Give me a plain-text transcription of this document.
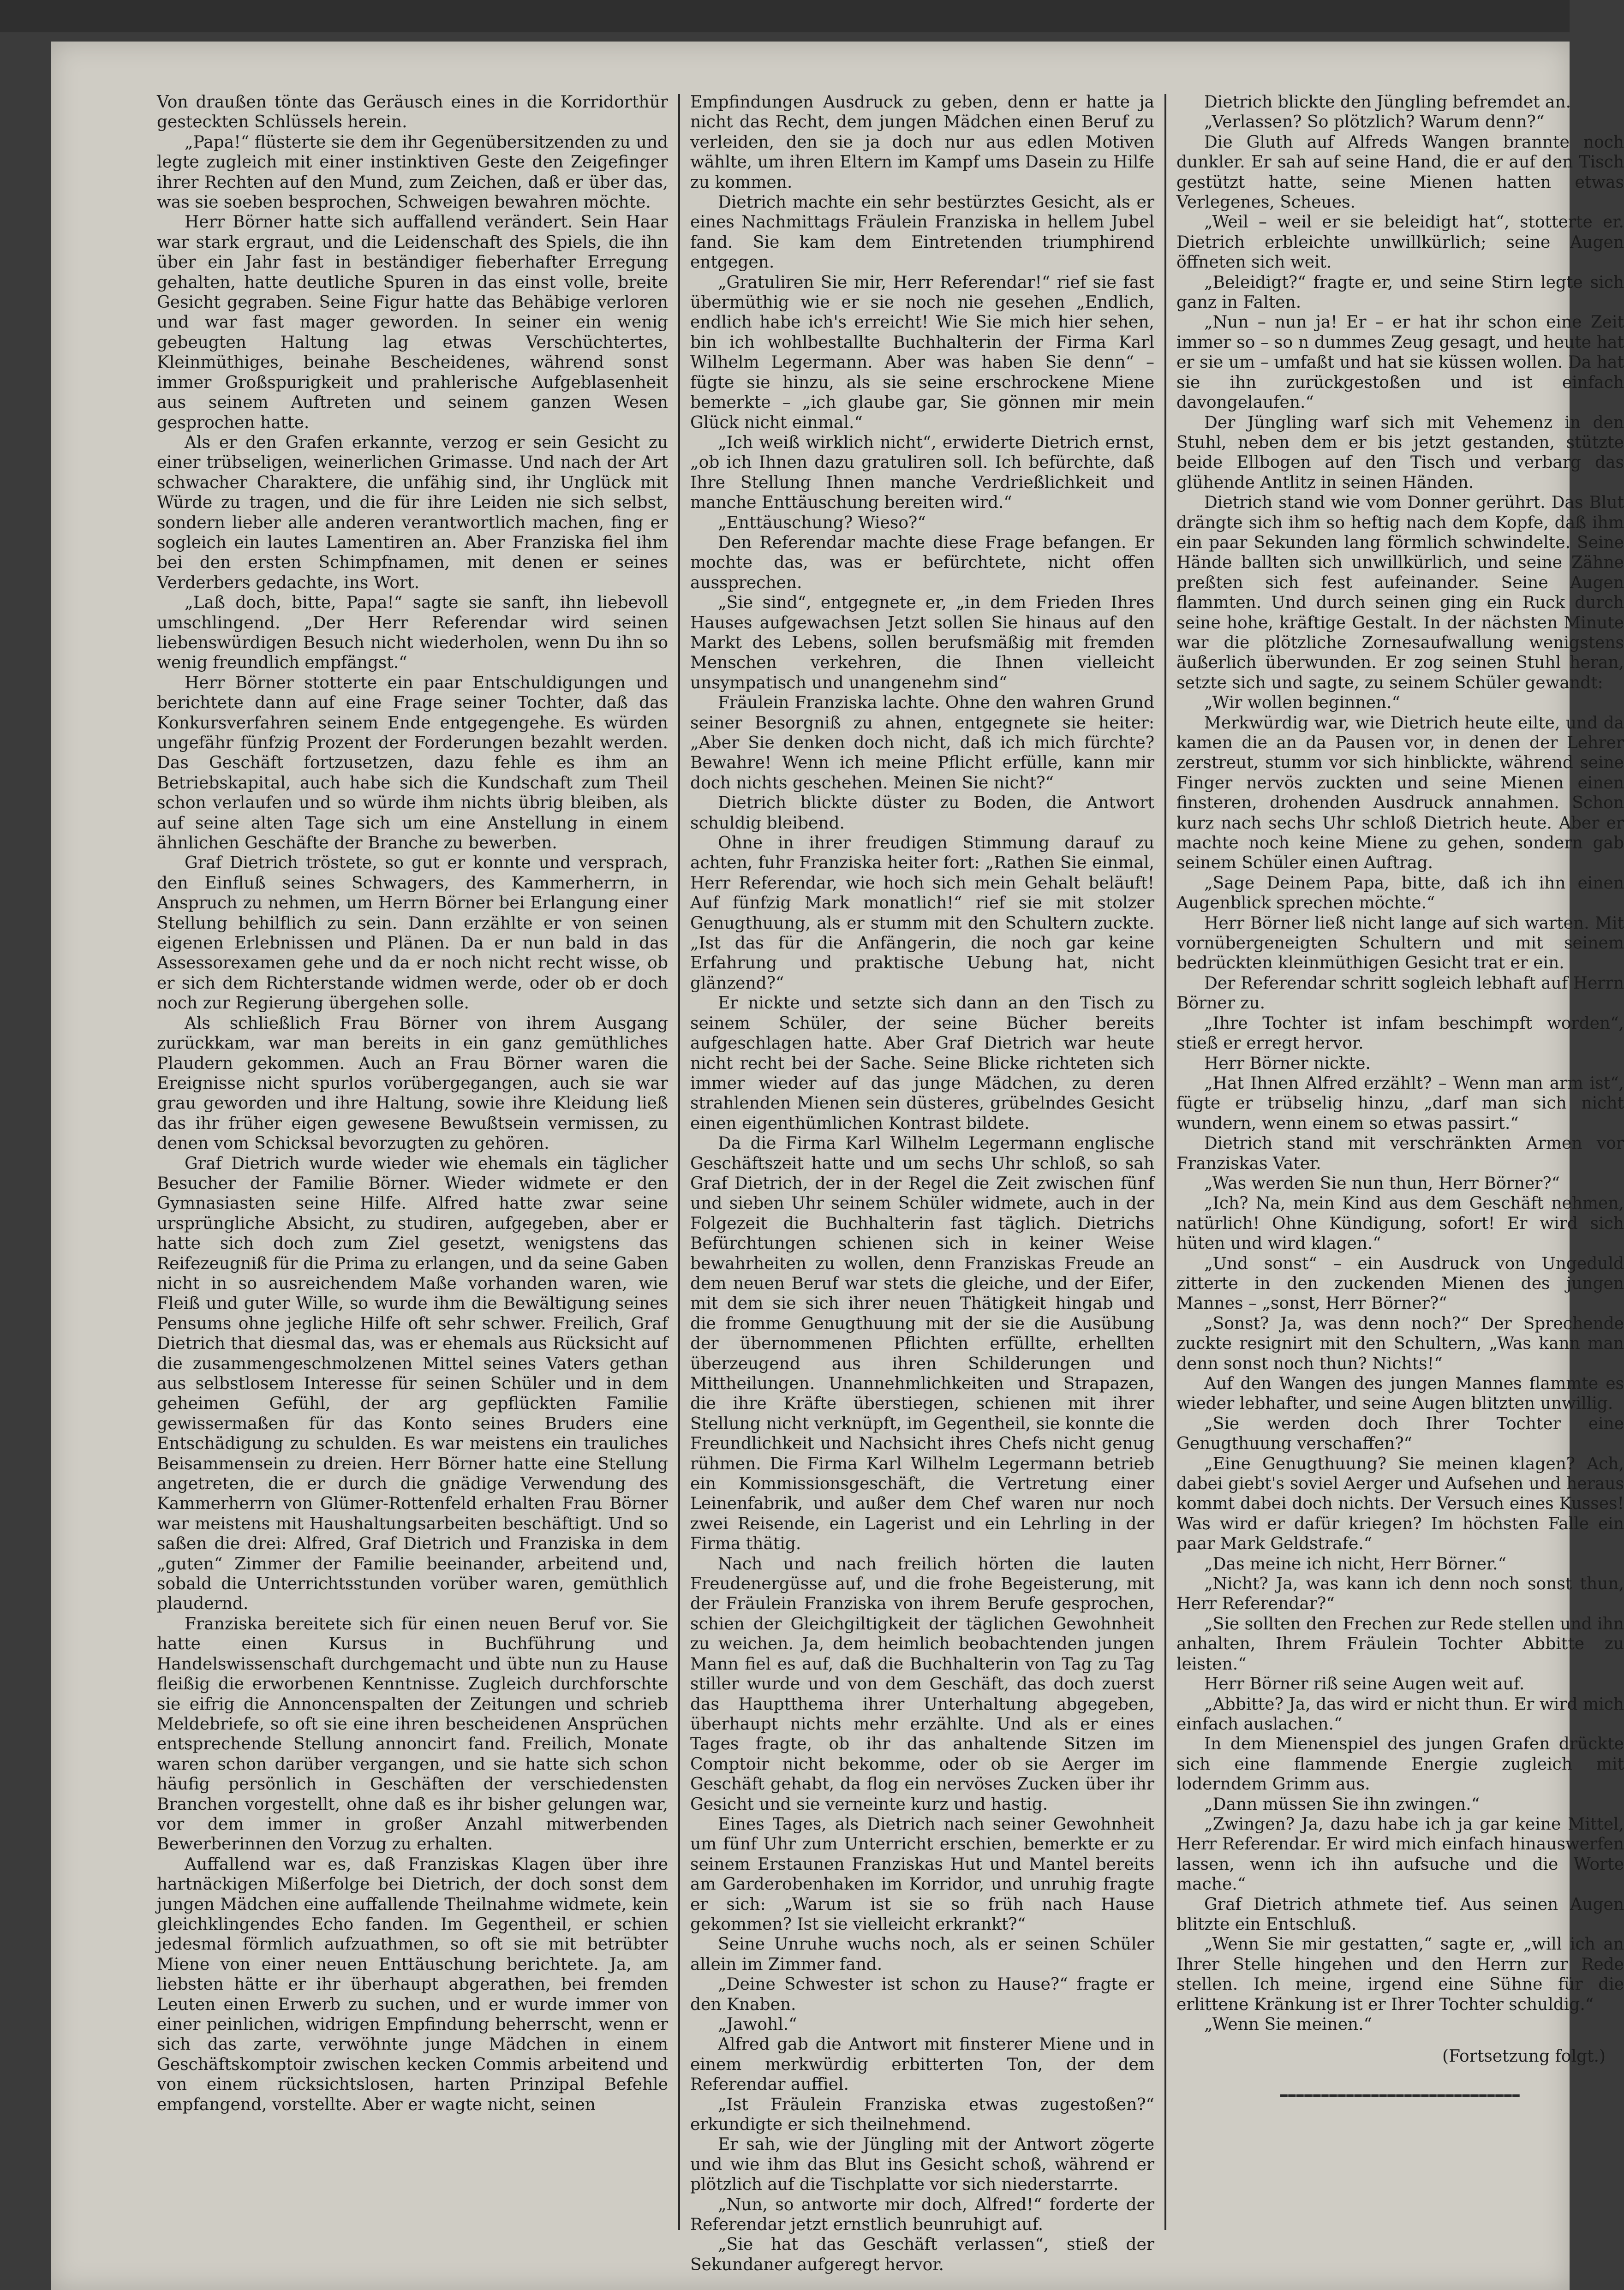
Von draußen tönte das Geräusch eines in die Korridorthür gesteckten Schlüssels herein.

„Papa!“ flüsterte sie dem ihr Gegenübersitzenden zu und legte zugleich mit einer instinktiven Geste den Zeigefinger ihrer Rechten auf den Mund, zum Zeichen, daß er über das, was sie soeben besprochen, Schweigen bewahren möchte.

Herr Börner hatte sich auffallend verändert. Sein Haar war stark ergraut, und die Leidenschaft des Spiels, die ihn über ein Jahr fast in beständiger fieberhafter Erregung gehalten, hatte deutliche Spuren in das einst volle, breite Gesicht gegraben. Seine Figur hatte das Behäbige verloren und war fast mager geworden. In seiner ein wenig gebeugten Haltung lag etwas Verschüchtertes, Kleinmüthiges, beinahe Bescheidenes, während sonst immer Großspurigkeit und prahlerische Aufgeblasenheit aus seinem Auftreten und seinem ganzen Wesen gesprochen hatte.

Als er den Grafen erkannte, verzog er sein Gesicht zu einer trübseligen, weinerlichen Grimasse. Und nach der Art schwacher Charaktere, die unfähig sind, ihr Unglück mit Würde zu tragen, und die für ihre Leiden nie sich selbst, sondern lieber alle anderen verantwortlich machen, fing er sogleich ein lautes Lamentiren an. Aber Franziska fiel ihm bei den ersten Schimpfnamen, mit denen er seines Verderbers gedachte, ins Wort.

„Laß doch, bitte, Papa!“ sagte sie sanft, ihn liebevoll umschlingend. „Der Herr Referendar wird seinen liebenswürdigen Besuch nicht wiederholen, wenn Du ihn so wenig freundlich empfängst.“

Herr Börner stotterte ein paar Entschuldigungen und berichtete dann auf eine Frage seiner Tochter, daß das Konkursverfahren seinem Ende entgegengehe. Es würden ungefähr fünfzig Prozent der Forderungen bezahlt werden. Das Geschäft fortzusetzen, dazu fehle es ihm an Betriebskapital, auch habe sich die Kundschaft zum Theil schon verlaufen und so würde ihm nichts übrig bleiben, als auf seine alten Tage sich um eine Anstellung in einem ähnlichen Geschäfte der Branche zu bewerben.

Graf Dietrich tröstete, so gut er konnte und versprach, den Einfluß seines Schwagers, des Kammerherrn, in Anspruch zu nehmen, um Herrn Börner bei Erlangung einer Stellung behilflich zu sein. Dann erzählte er von seinen eigenen Erlebnissen und Plänen. Da er nun bald in das Assessorexamen gehe und da er noch nicht recht wisse, ob er sich dem Richterstande widmen werde, oder ob er doch noch zur Regierung übergehen solle.

Als schließlich Frau Börner von ihrem Ausgang zurückkam, war man bereits in ein ganz gemüthliches Plaudern gekommen. Auch an Frau Börner waren die Ereignisse nicht spurlos vorübergegangen, auch sie war grau geworden und ihre Haltung, sowie ihre Kleidung ließ das ihr früher eigen gewesene Bewußtsein vermissen, zu denen vom Schicksal bevorzugten zu gehören.

Graf Dietrich wurde wieder wie ehemals ein täglicher Besucher der Familie Börner. Wieder widmete er den Gymnasiasten seine Hilfe. Alfred hatte zwar seine ursprüngliche Absicht, zu studiren, aufgegeben, aber er hatte sich doch zum Ziel gesetzt, wenigstens das Reifezeugniß für die Prima zu erlangen, und da seine Gaben nicht in so ausreichendem Maße vorhanden waren, wie Fleiß und guter Wille, so wurde ihm die Bewältigung seines Pensums ohne jegliche Hilfe oft sehr schwer. Freilich, Graf Dietrich that diesmal das, was er ehemals aus Rücksicht auf die zusammengeschmolzenen Mittel seines Vaters gethan aus selbstlosem Interesse für seinen Schüler und in dem geheimen Gefühl, der arg gepflückten Familie gewissermaßen für das Konto seines Bruders eine Entschädigung zu schulden. Es war meistens ein trauliches Beisammensein zu dreien. Herr Börner hatte eine Stellung angetreten, die er durch die gnädige Verwendung des Kammerherrn von Glümer-Rottenfeld erhalten Frau Börner war meistens mit Haushaltungsarbeiten beschäftigt. Und so saßen die drei: Alfred, Graf Dietrich und Franziska in dem „guten“ Zimmer der Familie beeinander, arbeitend und, sobald die Unterrichtsstunden vorüber waren, gemüthlich plaudernd.

Franziska bereitete sich für einen neuen Beruf vor. Sie hatte einen Kursus in Buchführung und Handelswissenschaft durchgemacht und übte nun zu Hause fleißig die erworbenen Kenntnisse. Zugleich durchforschte sie eifrig die Annoncenspalten der Zeitungen und schrieb Meldebriefe, so oft sie eine ihren bescheidenen Ansprüchen entsprechende Stellung annoncirt fand. Freilich, Monate waren schon darüber vergangen, und sie hatte sich schon häufig persönlich in Geschäften der verschiedensten Branchen vorgestellt, ohne daß es ihr bisher gelungen war, vor dem immer in großer Anzahl mitwerbenden Bewerberinnen den Vorzug zu erhalten.

Auffallend war es, daß Franziskas Klagen über ihre hartnäckigen Mißerfolge bei Dietrich, der doch sonst dem jungen Mädchen eine auffallende Theilnahme widmete, kein gleichklingendes Echo fanden. Im Gegentheil, er schien jedesmal förmlich aufzuathmen, so oft sie mit betrübter Miene von einer neuen Enttäuschung berichtete. Ja, am liebsten hätte er ihr überhaupt abgerathen, bei fremden Leuten einen Erwerb zu suchen, und er wurde immer von einer peinlichen, widrigen Empfindung beherrscht, wenn er sich das zarte, verwöhnte junge Mädchen in einem Geschäftskomptoir zwischen kecken Commis arbeitend und von einem rücksichtslosen, harten Prinzipal Befehle empfangend, vorstellte. Aber er wagte nicht, seinen

Empfindungen Ausdruck zu geben, denn er hatte ja nicht das Recht, dem jungen Mädchen einen Beruf zu verleiden, den sie ja doch nur aus edlen Motiven wählte, um ihren Eltern im Kampf ums Dasein zu Hilfe zu kommen.

Dietrich machte ein sehr bestürztes Gesicht, als er eines Nachmittags Fräulein Franziska in hellem Jubel fand. Sie kam dem Eintretenden triumphirend entgegen.

„Gratuliren Sie mir, Herr Referendar!“ rief sie fast übermüthig wie er sie noch nie gesehen „Endlich, endlich habe ich's erreicht! Wie Sie mich hier sehen, bin ich wohlbestallte Buchhalterin der Firma Karl Wilhelm Legermann. Aber was haben Sie denn“ – fügte sie hinzu, als sie seine erschrockene Miene bemerkte – „ich glaube gar, Sie gönnen mir mein Glück nicht einmal.“

„Ich weiß wirklich nicht“, erwiderte Dietrich ernst, „ob ich Ihnen dazu gratuliren soll. Ich befürchte, daß Ihre Stellung Ihnen manche Verdrießlichkeit und manche Enttäuschung bereiten wird.“

„Enttäuschung? Wieso?“

Den Referendar machte diese Frage befangen. Er mochte das, was er befürchtete, nicht offen aussprechen.

„Sie sind“, entgegnete er, „in dem Frieden Ihres Hauses aufgewachsen Jetzt sollen Sie hinaus auf den Markt des Lebens, sollen berufsmäßig mit fremden Menschen verkehren, die Ihnen vielleicht unsympatisch und unangenehm sind“

Fräulein Franziska lachte. Ohne den wahren Grund seiner Besorgniß zu ahnen, entgegnete sie heiter: „Aber Sie denken doch nicht, daß ich mich fürchte? Bewahre! Wenn ich meine Pflicht erfülle, kann mir doch nichts geschehen. Meinen Sie nicht?“

Dietrich blickte düster zu Boden, die Antwort schuldig bleibend.

Ohne in ihrer freudigen Stimmung darauf zu achten, fuhr Franziska heiter fort: „Rathen Sie einmal, Herr Referendar, wie hoch sich mein Gehalt beläuft! Auf fünfzig Mark monatlich!“ rief sie mit stolzer Genugthuung, als er stumm mit den Schultern zuckte. „Ist das für die Anfängerin, die noch gar keine Erfahrung und praktische Uebung hat, nicht glänzend?“

Er nickte und setzte sich dann an den Tisch zu seinem Schüler, der seine Bücher bereits aufgeschlagen hatte. Aber Graf Dietrich war heute nicht recht bei der Sache. Seine Blicke richteten sich immer wieder auf das junge Mädchen, zu deren strahlenden Mienen sein düsteres, grübelndes Gesicht einen eigenthümlichen Kontrast bildete.

Da die Firma Karl Wilhelm Legermann englische Geschäftszeit hatte und um sechs Uhr schloß, so sah Graf Dietrich, der in der Regel die Zeit zwischen fünf und sieben Uhr seinem Schüler widmete, auch in der Folgezeit die Buchhalterin fast täglich. Dietrichs Befürchtungen schienen sich in keiner Weise bewahrheiten zu wollen, denn Franziskas Freude an dem neuen Beruf war stets die gleiche, und der Eifer, mit dem sie sich ihrer neuen Thätigkeit hingab und die fromme Genugthuung mit der sie die Ausübung der übernommenen Pflichten erfüllte, erhellten überzeugend aus ihren Schilderungen und Mittheilungen. Unannehmlichkeiten und Strapazen, die ihre Kräfte überstiegen, schienen mit ihrer Stellung nicht verknüpft, im Gegentheil, sie konnte die Freundlichkeit und Nachsicht ihres Chefs nicht genug rühmen. Die Firma Karl Wilhelm Legermann betrieb ein Kommissionsgeschäft, die Vertretung einer Leinenfabrik, und außer dem Chef waren nur noch zwei Reisende, ein Lagerist und ein Lehrling in der Firma thätig.

Nach und nach freilich hörten die lauten Freudenergüsse auf, und die frohe Begeisterung, mit der Fräulein Franziska von ihrem Berufe gesprochen, schien der Gleichgiltigkeit der täglichen Gewohnheit zu weichen. Ja, dem heimlich beobachtenden jungen Mann fiel es auf, daß die Buchhalterin von Tag zu Tag stiller wurde und von dem Geschäft, das doch zuerst das Hauptthema ihrer Unterhaltung abgegeben, überhaupt nichts mehr erzählte. Und als er eines Tages fragte, ob ihr das anhaltende Sitzen im Comptoir nicht bekomme, oder ob sie Aerger im Geschäft gehabt, da flog ein nervöses Zucken über ihr Gesicht und sie verneinte kurz und hastig.

Eines Tages, als Dietrich nach seiner Gewohnheit um fünf Uhr zum Unterricht erschien, bemerkte er zu seinem Erstaunen Franziskas Hut und Mantel bereits am Garderobenhaken im Korridor, und unruhig fragte er sich: „Warum ist sie so früh nach Hause gekommen? Ist sie vielleicht erkrankt?“

Seine Unruhe wuchs noch, als er seinen Schüler allein im Zimmer fand.

„Deine Schwester ist schon zu Hause?“ fragte er den Knaben.

„Jawohl.“

Alfred gab die Antwort mit finsterer Miene und in einem merkwürdig erbitterten Ton, der dem Referendar auffiel.

„Ist Fräulein Franziska etwas zugestoßen?“ erkundigte er sich theilnehmend.

Er sah, wie der Jüngling mit der Antwort zögerte und wie ihm das Blut ins Gesicht schoß, während er plötzlich auf die Tischplatte vor sich niederstarrte.

„Nun, so antworte mir doch, Alfred!“ forderte der Referendar jetzt ernstlich beunruhigt auf.

„Sie hat das Geschäft verlassen“, stieß der Sekundaner aufgeregt hervor.

Dietrich blickte den Jüngling befremdet an.

„Verlassen? So plötzlich? Warum denn?“

Die Gluth auf Alfreds Wangen brannte noch dunkler. Er sah auf seine Hand, die er auf den Tisch gestützt hatte, seine Mienen hatten etwas Verlegenes, Scheues.

„Weil – weil er sie beleidigt hat“, stotterte er. Dietrich erbleichte unwillkürlich; seine Augen öffneten sich weit.

„Beleidigt?“ fragte er, und seine Stirn legte sich ganz in Falten.

„Nun – nun ja! Er – er hat ihr schon eine Zeit immer so – so n dummes Zeug gesagt, und heute hat er sie um – umfaßt und hat sie küssen wollen. Da hat sie ihn zurückgestoßen und ist einfach davongelaufen.“

Der Jüngling warf sich mit Vehemenz in den Stuhl, neben dem er bis jetzt gestanden, stützte beide Ellbogen auf den Tisch und verbarg das glühende Antlitz in seinen Händen.

Dietrich stand wie vom Donner gerührt. Das Blut drängte sich ihm so heftig nach dem Kopfe, daß ihm ein paar Sekunden lang förmlich schwindelte. Seine Hände ballten sich unwillkürlich, und seine Zähne preßten sich fest aufeinander. Seine Augen flammten. Und durch seinen ging ein Ruck durch seine hohe, kräftige Gestalt. In der nächsten Minute war die plötzliche Zornesaufwallung wenigstens äußerlich überwunden. Er zog seinen Stuhl heran, setzte sich und sagte, zu seinem Schüler gewandt:

„Wir wollen beginnen.“

Merkwürdig war, wie Dietrich heute eilte, und da kamen die an da Pausen vor, in denen der Lehrer zerstreut, stumm vor sich hinblickte, während seine Finger nervös zuckten und seine Mienen einen finsteren, drohenden Ausdruck annahmen. Schon kurz nach sechs Uhr schloß Dietrich heute. Aber er machte noch keine Miene zu gehen, sondern gab seinem Schüler einen Auftrag.

„Sage Deinem Papa, bitte, daß ich ihn einen Augenblick sprechen möchte.“

Herr Börner ließ nicht lange auf sich warten. Mit vornübergeneigten Schultern und mit seinem bedrückten kleinmüthigen Gesicht trat er ein.

Der Referendar schritt sogleich lebhaft auf Herrn Börner zu.

„Ihre Tochter ist infam beschimpft worden“, stieß er erregt hervor.

Herr Börner nickte.

„Hat Ihnen Alfred erzählt? – Wenn man arm ist“, fügte er trübselig hinzu, „darf man sich nicht wundern, wenn einem so etwas passirt.“

Dietrich stand mit verschränkten Armen vor Franziskas Vater.

„Was werden Sie nun thun, Herr Börner?“

„Ich? Na, mein Kind aus dem Geschäft nehmen, natürlich! Ohne Kündigung, sofort! Er wird sich hüten und wird klagen.“

„Und sonst“ – ein Ausdruck von Ungeduld zitterte in den zuckenden Mienen des jungen Mannes – „sonst, Herr Börner?“

„Sonst? Ja, was denn noch?“ Der Sprechende zuckte resignirt mit den Schultern, „Was kann man denn sonst noch thun? Nichts!“

Auf den Wangen des jungen Mannes flammte es wieder lebhafter, und seine Augen blitzten unwillig.

„Sie werden doch Ihrer Tochter eine Genugthuung verschaffen?“

„Eine Genugthuung? Sie meinen klagen? Ach, dabei giebt's soviel Aerger und Aufsehen und heraus kommt dabei doch nichts. Der Versuch eines Kusses! Was wird er dafür kriegen? Im höchsten Falle ein paar Mark Geldstrafe.“

„Das meine ich nicht, Herr Börner.“

„Nicht? Ja, was kann ich denn noch sonst thun, Herr Referendar?“

„Sie sollten den Frechen zur Rede stellen und ihn anhalten, Ihrem Fräulein Tochter Abbitte zu leisten.“

Herr Börner riß seine Augen weit auf.

„Abbitte? Ja, das wird er nicht thun. Er wird mich einfach auslachen.“

In dem Mienenspiel des jungen Grafen drückte sich eine flammende Energie zugleich mit loderndem Grimm aus.

„Dann müssen Sie ihn zwingen.“

„Zwingen? Ja, dazu habe ich ja gar keine Mittel, Herr Referendar. Er wird mich einfach hinauswerfen lassen, wenn ich ihn aufsuche und die Worte mache.“

Graf Dietrich athmete tief. Aus seinen Augen blitzte ein Entschluß.

„Wenn Sie mir gestatten,“ sagte er, „will ich an Ihrer Stelle hingehen und den Herrn zur Rede stellen. Ich meine, irgend eine Sühne für die erlittene Kränkung ist er Ihrer Tochter schuldig.“

„Wenn Sie meinen.“

(Fortsetzung folgt.)
